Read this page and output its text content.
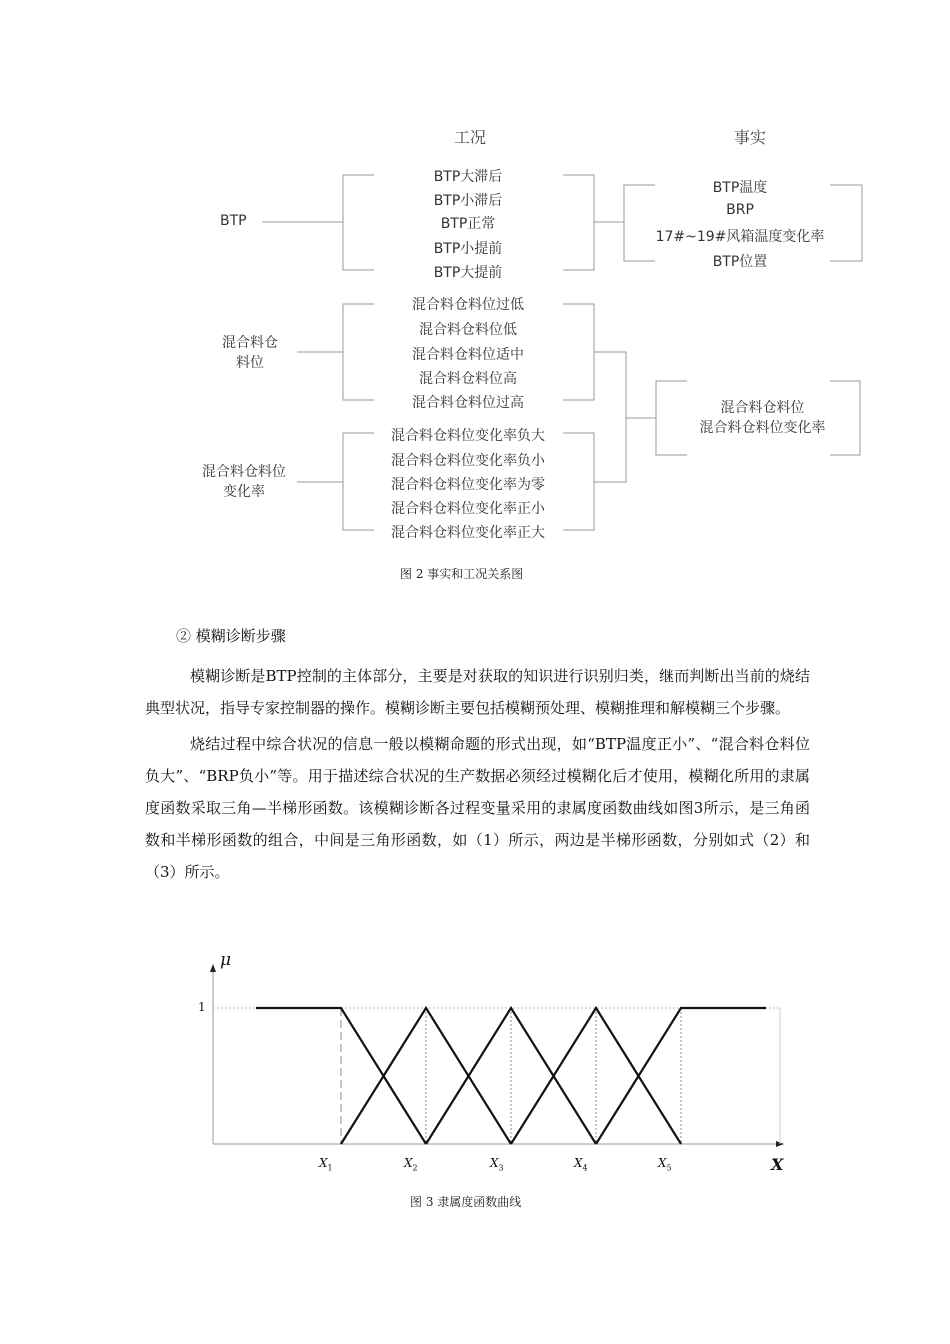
工况	事实
BTP
混合料仓
料位
混合料仓料位
变化率
BTP大滞后
BTP小滞后
BTP正常
BTP小提前
BTP大提前
混合料仓料位过低
混合料仓料位低
混合料仓料位适中
混合料仓料位高
混合料仓料位过高
混合料仓料位变化率负大
混合料仓料位变化率负小
混合料仓料位变化率为零
混合料仓料位变化率正小
混合料仓料位变化率正大
BTP温度
BRP
17#~19#风箱温度变化率
BTP位置
混合料仓料位
混合料仓料位变化率
图 2 事实和工况关系图
② 模糊诊断步骤

模糊诊断是BTP控制的主体部分，主要是对获取的知识进行识别归类，继而判断出当前的烧结典型状况，指导专家控制器的操作。模糊诊断主要包括模糊预处理、模糊推理和解模糊三个步骤。

烧结过程中综合状况的信息一般以模糊命题的形式出现，如“BTP温度正小”、“混合料仓料位负大”、“BRP负小”等。用于描述综合状况的生产数据必须经过模糊化后才使用，模糊化所用的隶属度函数采取三角—半梯形函数。该模糊诊断各过程变量采用的隶属度函数曲线如图3所示，是三角函数和半梯形函数的组合，中间是三角形函数，如（1）所示，两边是半梯形函数，分别如式（2）和（3）所示。

μ
1
X
$X_1$	$X_2$	$X_3$	$X_4$	$X_5$
图 3 隶属度函数曲线
